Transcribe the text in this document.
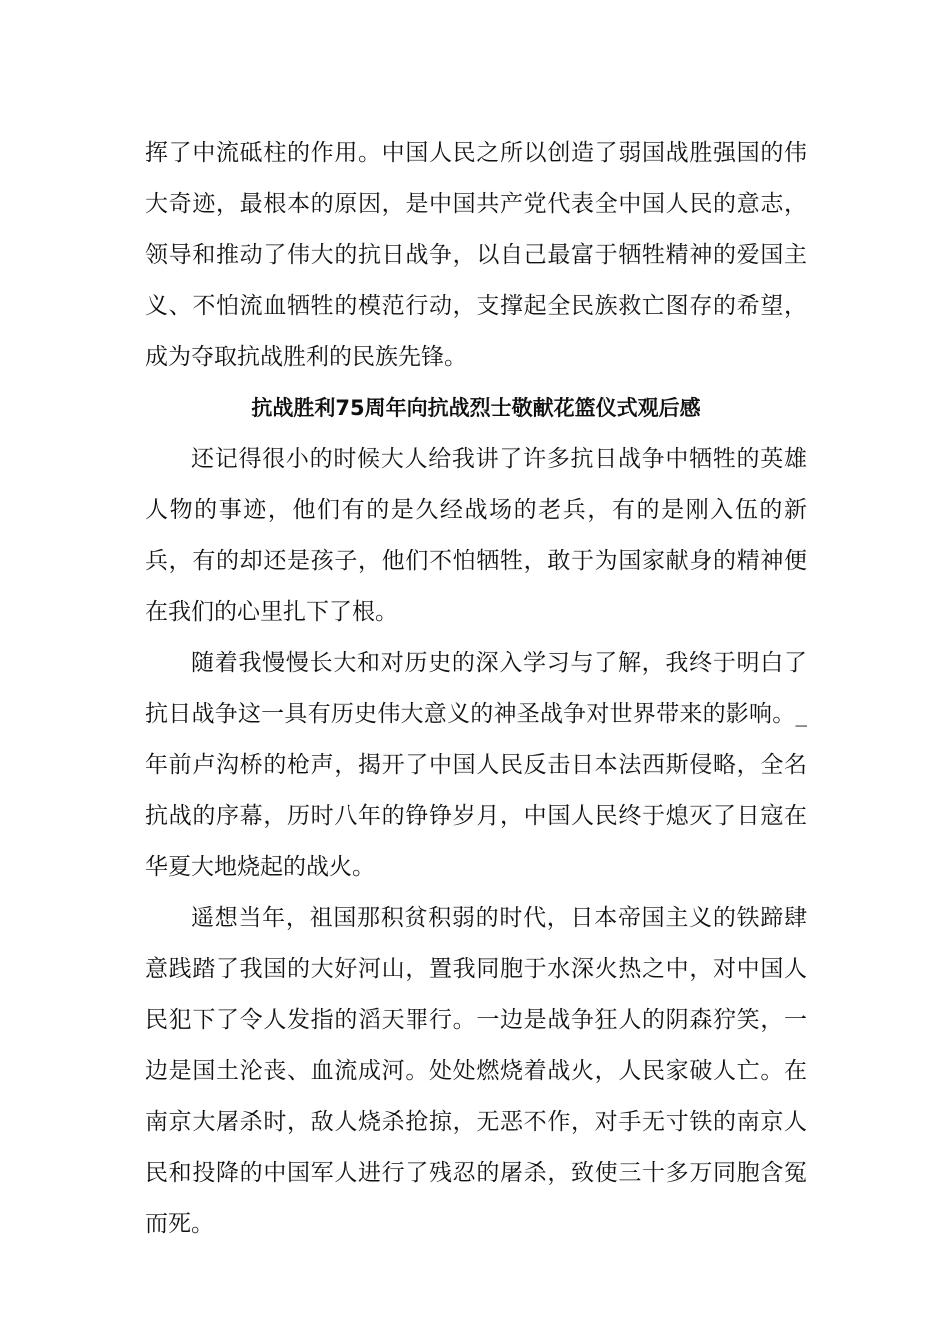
挥了中流砥柱的作用。中国人民之所以创造了弱国战胜强国的伟大奇迹，最根本的原因，是中国共产党代表全中国人民的意志，领导和推动了伟大的抗日战争，以自己最富于牺牲精神的爱国主义、不怕流血牺牲的模范行动，支撑起全民族救亡图存的希望，成为夺取抗战胜利的民族先锋。

抗战胜利75周年向抗战烈士敬献花篮仪式观后感

还记得很小的时候大人给我讲了许多抗日战争中牺牲的英雄人物的事迹，他们有的是久经战场的老兵，有的是刚入伍的新兵，有的却还是孩子，他们不怕牺牲，敢于为国家献身的精神便在我们的心里扎下了根。

随着我慢慢长大和对历史的深入学习与了解，我终于明白了抗日战争这一具有历史伟大意义的神圣战争对世界带来的影响。_年前卢沟桥的枪声，揭开了中国人民反击日本法西斯侵略，全名抗战的序幕，历时八年的铮铮岁月，中国人民终于熄灭了日寇在华夏大地烧起的战火。

遥想当年，祖国那积贫积弱的时代，日本帝国主义的铁蹄肆意践踏了我国的大好河山，置我同胞于水深火热之中，对中国人民犯下了令人发指的滔天罪行。一边是战争狂人的阴森狞笑，一边是国土沦丧、血流成河。处处燃烧着战火，人民家破人亡。在南京大屠杀时，敌人烧杀抢掠，无恶不作，对手无寸铁的南京人民和投降的中国军人进行了残忍的屠杀，致使三十多万同胞含冤而死。
